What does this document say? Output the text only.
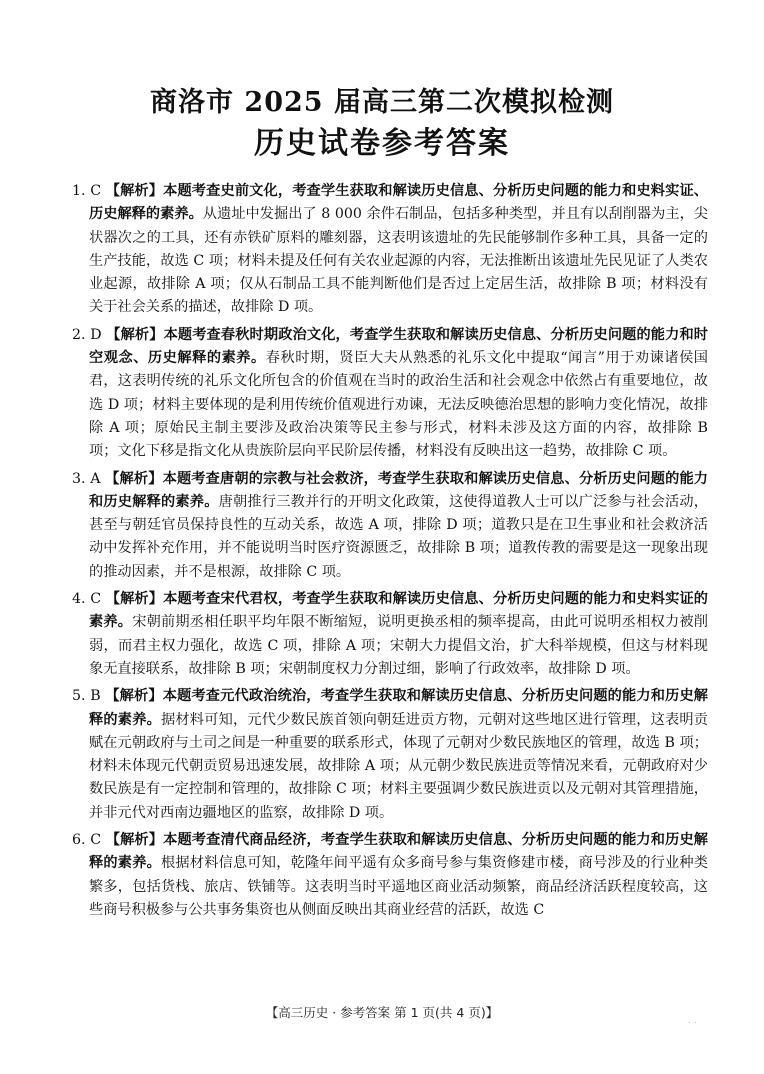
商洛市 2025 届高三第二次模拟检测
历史试卷参考答案

1. C 【解析】本题考查史前文化，考查学生获取和解读历史信息、分析历史问题的能力和史料实证、历史解释的素养。从遗址中发掘出了 8 000 余件石制品，包括多种类型，并且有以刮削器为主，尖状器次之的工具，还有赤铁矿原料的雕刻器，这表明该遗址的先民能够制作多种工具，具备一定的生产技能，故选 C 项；材料未提及任何有关农业起源的内容，无法推断出该遗址先民见证了人类农业起源，故排除 A 项；仅从石制品工具不能判断他们是否过上定居生活，故排除 B 项；材料没有关于社会关系的描述，故排除 D 项。

2. D 【解析】本题考查春秋时期政治文化，考查学生获取和解读历史信息、分析历史问题的能力和时空观念、历史解释的素养。春秋时期，贤臣大夫从熟悉的礼乐文化中提取“闻言”用于劝谏诸侯国君，这表明传统的礼乐文化所包含的价值观在当时的政治生活和社会观念中依然占有重要地位，故选 D 项；材料主要体现的是利用传统价值观进行劝谏，无法反映德治思想的影响力变化情况，故排除 A 项；原始民主制主要涉及政治决策等民主参与形式，材料未涉及这方面的内容，故排除 B 项；文化下移是指文化从贵族阶层向平民阶层传播，材料没有反映出这一趋势，故排除 C 项。

3. A 【解析】本题考查唐朝的宗教与社会救济，考查学生获取和解读历史信息、分析历史问题的能力和历史解释的素养。唐朝推行三教并行的开明文化政策，这使得道教人士可以广泛参与社会活动，甚至与朝廷官员保持良性的互动关系，故选 A 项，排除 D 项；道教只是在卫生事业和社会救济活动中发挥补充作用，并不能说明当时医疗资源匮乏，故排除 B 项；道教传教的需要是这一现象出现的推动因素，并不是根源，故排除 C 项。

4. C 【解析】本题考查宋代君权，考查学生获取和解读历史信息、分析历史问题的能力和史料实证的素养。宋朝前期丞相任职平均年限不断缩短，说明更换丞相的频率提高，由此可说明丞相权力被削弱，而君主权力强化，故选 C 项，排除 A 项；宋朝大力提倡文治，扩大科举规模，但这与材料现象无直接联系，故排除 B 项；宋朝制度权力分割过细，影响了行政效率，故排除 D 项。

5. B 【解析】本题考查元代政治统治，考查学生获取和解读历史信息、分析历史问题的能力和历史解释的素养。据材料可知，元代少数民族首领向朝廷进贡方物，元朝对这些地区进行管理，这表明贡赋在元朝政府与土司之间是一种重要的联系形式，体现了元朝对少数民族地区的管理，故选 B 项；材料未体现元代朝贡贸易迅速发展，故排除 A 项；从元朝少数民族进贡等情况来看，元朝政府对少数民族是有一定控制和管理的，故排除 C 项；材料主要强调少数民族进贡以及元朝对其管理措施，并非元代对西南边疆地区的监察，故排除 D 项。

6. C 【解析】本题考查清代商品经济，考查学生获取和解读历史信息、分析历史问题的能力和历史解释的素养。根据材料信息可知，乾隆年间平遥有众多商号参与集资修建市楼，商号涉及的行业种类繁多，包括货栈、旅店、铁铺等。这表明当时平遥地区商业活动频繁，商品经济活跃程度较高，这些商号积极参与公共事务集资也从侧面反映出其商业经营的活跃，故选 C

【高三历史 · 参考答案 第 1 页(共 4 页)】
. .
